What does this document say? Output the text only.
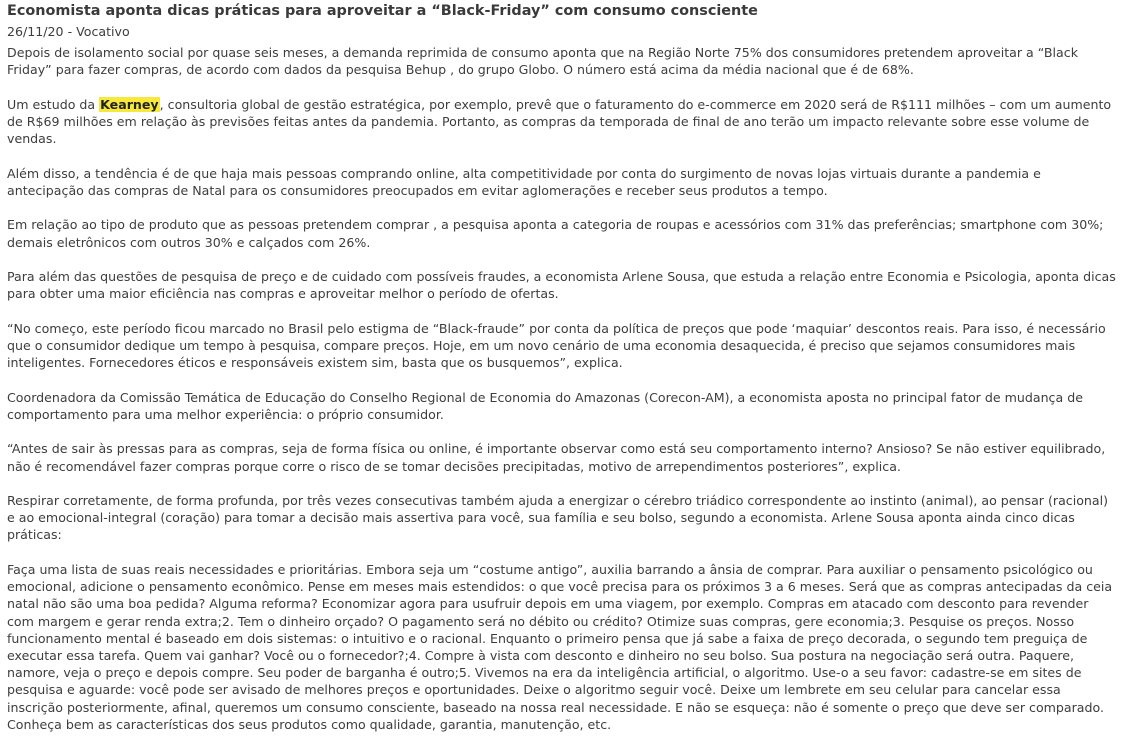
Economista aponta dicas práticas para aproveitar a “Black-Friday” com consumo consciente
26/11/20 - Vocativo
Depois de isolamento social por quase seis meses, a demanda reprimida de consumo aponta que na Região Norte 75% dos consumidores pretendem aproveitar a “Black Friday” para fazer compras, de acordo com dados da pesquisa Behup , do grupo Globo. O número está acima da média nacional que é de 68%.
Um estudo da Kearney, consultoria global de gestão estratégica, por exemplo, prevê que o faturamento do e-commerce em 2020 será de R$111 milhões – com um aumento de R$69 milhões em relação às previsões feitas antes da pandemia. Portanto, as compras da temporada de final de ano terão um impacto relevante sobre esse volume de vendas.
Além disso, a tendência é de que haja mais pessoas comprando online, alta competitividade por conta do surgimento de novas lojas virtuais durante a pandemia e antecipação das compras de Natal para os consumidores preocupados em evitar aglomerações e receber seus produtos a tempo.
Em relação ao tipo de produto que as pessoas pretendem comprar , a pesquisa aponta a categoria de roupas e acessórios com 31% das preferências; smartphone com 30%; demais eletrônicos com outros 30% e calçados com 26%.
Para além das questões de pesquisa de preço e de cuidado com possíveis fraudes, a economista Arlene Sousa, que estuda a relação entre Economia e Psicologia, aponta dicas para obter uma maior eficiência nas compras e aproveitar melhor o período de ofertas.
“No começo, este período ficou marcado no Brasil pelo estigma de “Black-fraude” por conta da política de preços que pode ‘maquiar’ descontos reais. Para isso, é necessário que o consumidor dedique um tempo à pesquisa, compare preços. Hoje, em um novo cenário de uma economia desaquecida, é preciso que sejamos consumidores mais inteligentes. Fornecedores éticos e responsáveis existem sim, basta que os busquemos”, explica.
Coordenadora da Comissão Temática de Educação do Conselho Regional de Economia do Amazonas (Corecon-AM), a economista aposta no principal fator de mudança de comportamento para uma melhor experiência: o próprio consumidor.
“Antes de sair às pressas para as compras, seja de forma física ou online, é importante observar como está seu comportamento interno? Ansioso? Se não estiver equilibrado, não é recomendável fazer compras porque corre o risco de se tomar decisões precipitadas, motivo de arrependimentos posteriores”, explica.
Respirar corretamente, de forma profunda, por três vezes consecutivas também ajuda a energizar o cérebro triádico correspondente ao instinto (animal), ao pensar (racional) e ao emocional-integral (coração) para tomar a decisão mais assertiva para você, sua família e seu bolso, segundo a economista. Arlene Sousa aponta ainda cinco dicas práticas:
Faça uma lista de suas reais necessidades e prioritárias. Embora seja um “costume antigo”, auxilia barrando a ânsia de comprar. Para auxiliar o pensamento psicológico ou emocional, adicione o pensamento econômico. Pense em meses mais estendidos: o que você precisa para os próximos 3 a 6 meses. Será que as compras antecipadas da ceia natal não são uma boa pedida? Alguma reforma? Economizar agora para usufruir depois em uma viagem, por exemplo. Compras em atacado com desconto para revender com margem e gerar renda extra;2. Tem o dinheiro orçado? O pagamento será no débito ou crédito? Otimize suas compras, gere economia;3. Pesquise os preços. Nosso funcionamento mental é baseado em dois sistemas: o intuitivo e o racional. Enquanto o primeiro pensa que já sabe a faixa de preço decorada, o segundo tem preguiça de executar essa tarefa. Quem vai ganhar? Você ou o fornecedor?;4. Compre à vista com desconto e dinheiro no seu bolso. Sua postura na negociação será outra. Paquere, namore, veja o preço e depois compre. Seu poder de barganha é outro;5. Vivemos na era da inteligência artificial, o algoritmo. Use-o a seu favor: cadastre-se em sites de pesquisa e aguarde: você pode ser avisado de melhores preços e oportunidades. Deixe o algoritmo seguir você. Deixe um lembrete em seu celular para cancelar essa inscrição posteriormente, afinal, queremos um consumo consciente, baseado na nossa real necessidade. E não se esqueça: não é somente o preço que deve ser comparado. Conheça bem as características dos seus produtos como qualidade, garantia, manutenção, etc.
